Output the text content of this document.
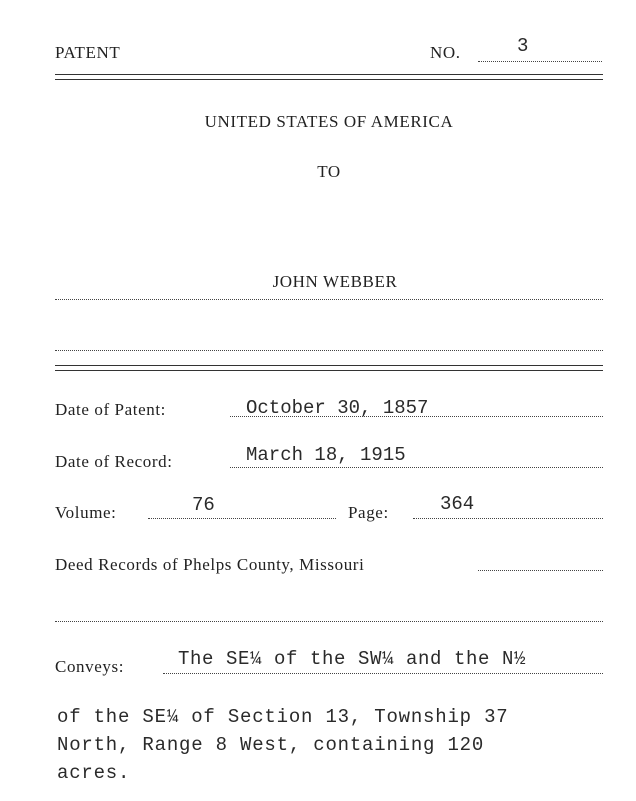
PATENT	NO.	3
UNITED STATES OF AMERICA
TO
JOHN WEBBER
Date of Patent:	October 30, 1857
Date of Record:	March 18, 1915
Volume:	76	Page:	364
Deed Records of Phelps County, Missouri
Conveys:	The SE¼ of the SW¼ and the N½
of the SE¼ of Section 13, Township 37
North, Range 8 West, containing 120
acres.
